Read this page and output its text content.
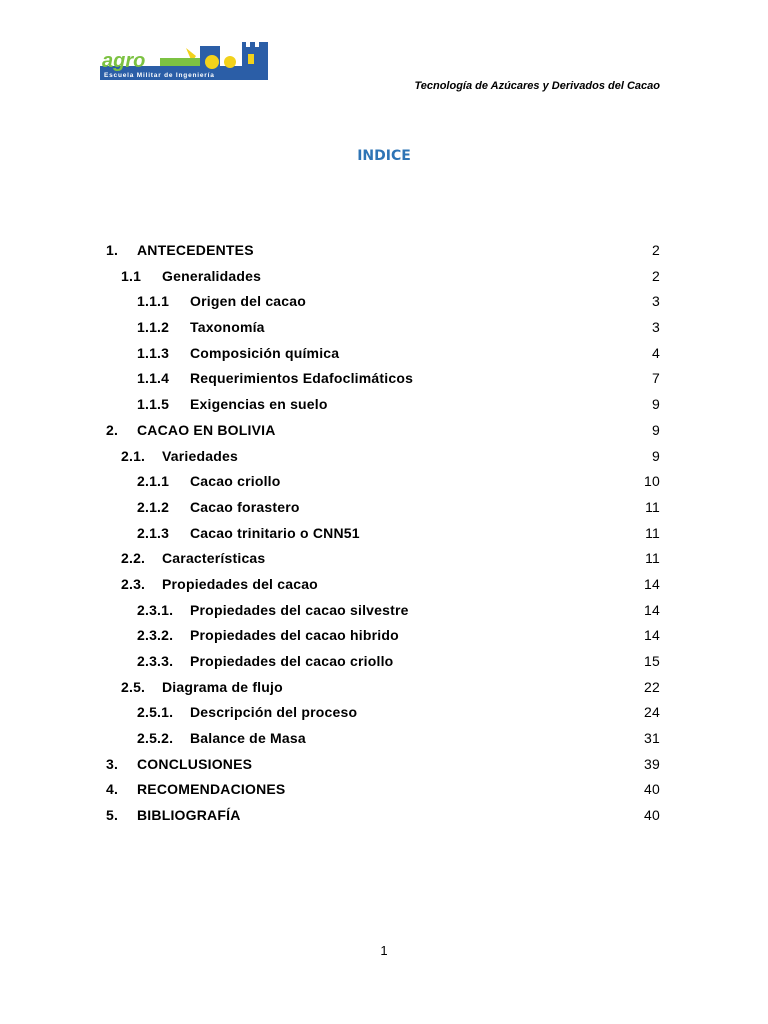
agro
Escuela Militar de Ingeniería
Tecnología de Azúcares y Derivados del Cacao
INDICE
1. ANTECEDENTES	2
1.1 Generalidades	2
1.1.1 Origen del cacao	3
1.1.2 Taxonomía	3
1.1.3 Composición química	4
1.1.4 Requerimientos Edafoclimáticos	7
1.1.5 Exigencias en suelo	9
2. CACAO EN BOLIVIA	9
2.1. Variedades	9
2.1.1 Cacao criollo	10
2.1.2 Cacao forastero	11
2.1.3 Cacao trinitario o CNN51	11
2.2. Características	11
2.3. Propiedades del cacao	14
2.3.1. Propiedades del cacao silvestre	14
2.3.2. Propiedades del cacao hibrido	14
2.3.3. Propiedades del cacao criollo	15
2.5. Diagrama de flujo	22
2.5.1. Descripción del proceso	24
2.5.2. Balance de Masa	31
3. CONCLUSIONES	39
4. RECOMENDACIONES	40
5. BIBLIOGRAFÍA	40
1
